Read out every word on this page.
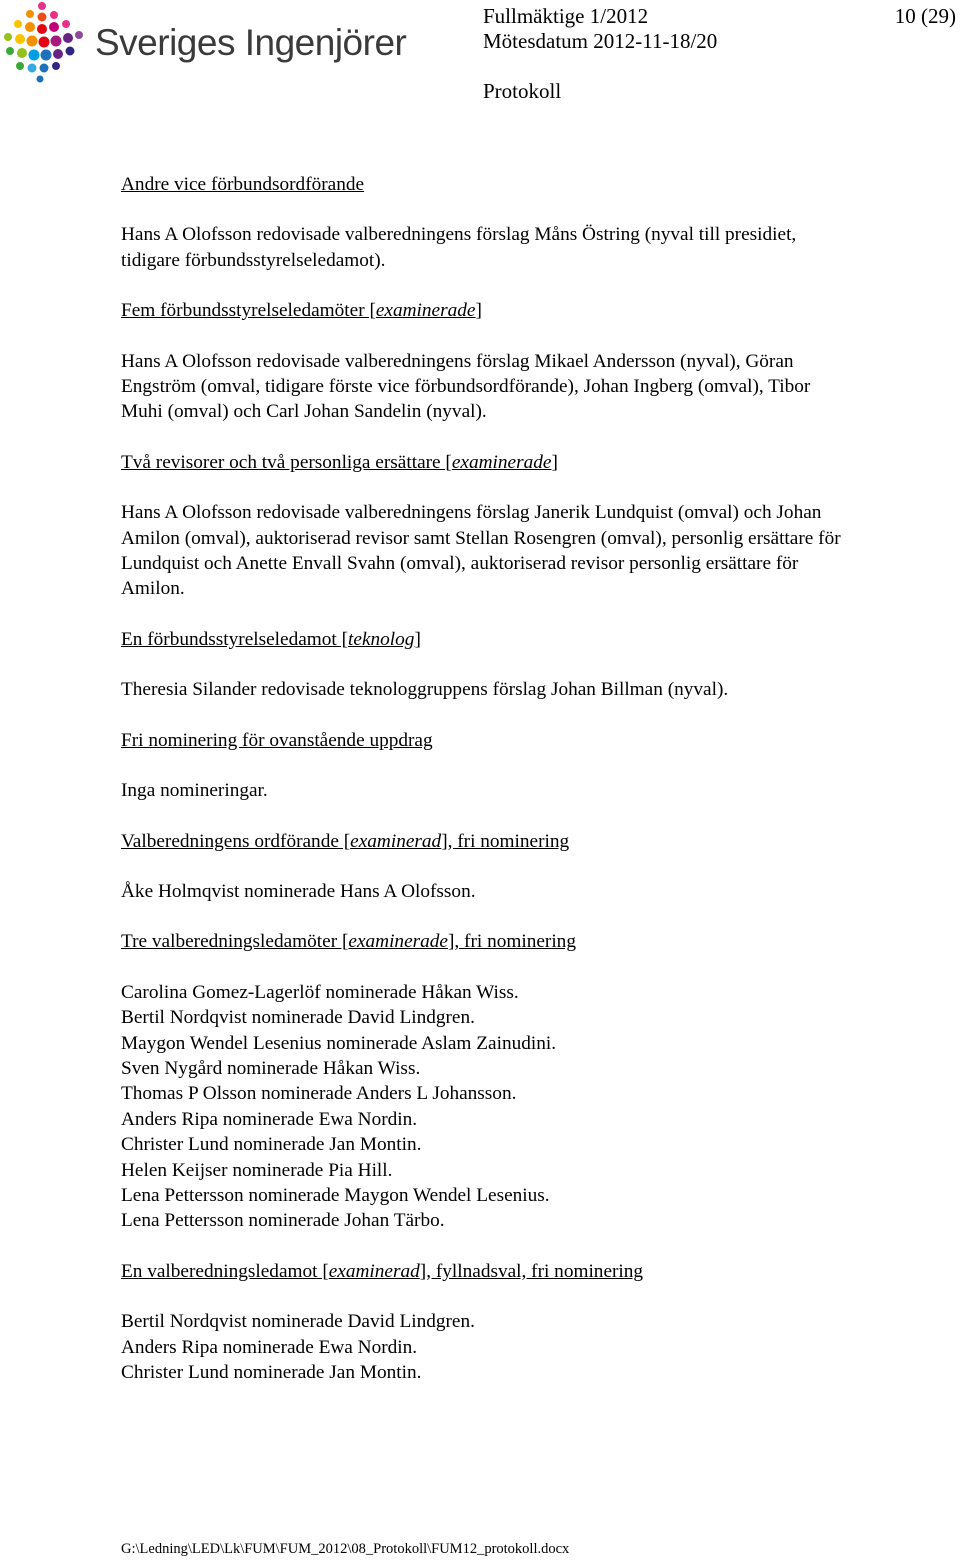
Sveriges Ingenjörer
Fullmäktige 1/2012	10 (29)
Mötesdatum 2012-11-18/20
Protokoll

Andre vice förbundsordförande

Hans A Olofsson redovisade valberedningens förslag Måns Östring (nyval till presidiet,

tidigare förbundsstyrelseledamot).

Fem förbundsstyrelseledamöter [examinerade]

Hans A Olofsson redovisade valberedningens förslag Mikael Andersson (nyval), Göran

Engström (omval, tidigare förste vice förbundsordförande), Johan Ingberg (omval), Tibor

Muhi (omval) och Carl Johan Sandelin (nyval).

Två revisorer och två personliga ersättare [examinerade]

Hans A Olofsson redovisade valberedningens förslag Janerik Lundquist (omval) och Johan

Amilon (omval), auktoriserad revisor samt Stellan Rosengren (omval), personlig ersättare för

Lundquist och Anette Envall Svahn (omval), auktoriserad revisor personlig ersättare för

Amilon.

En förbundsstyrelseledamot [teknolog]

Theresia Silander redovisade teknologgruppens förslag Johan Billman (nyval).

Fri nominering för ovanstående uppdrag

Inga nomineringar.

Valberedningens ordförande [examinerad], fri nominering

Åke Holmqvist nominerade Hans A Olofsson.

Tre valberedningsledamöter [examinerade], fri nominering

Carolina Gomez-Lagerlöf nominerade Håkan Wiss.

Bertil Nordqvist nominerade David Lindgren.

Maygon Wendel Lesenius nominerade Aslam Zainudini.

Sven Nygård nominerade Håkan Wiss.

Thomas P Olsson nominerade Anders L Johansson.

Anders Ripa nominerade Ewa Nordin.

Christer Lund nominerade Jan Montin.

Helen Keijser nominerade Pia Hill.

Lena Pettersson nominerade Maygon Wendel Lesenius.

Lena Pettersson nominerade Johan Tärbo.

En valberedningsledamot [examinerad], fyllnadsval, fri nominering

Bertil Nordqvist nominerade David Lindgren.

Anders Ripa nominerade Ewa Nordin.

Christer Lund nominerade Jan Montin.

G:\Ledning\LED\Lk\FUM\FUM_2012\08_Protokoll\FUM12_protokoll.docx
